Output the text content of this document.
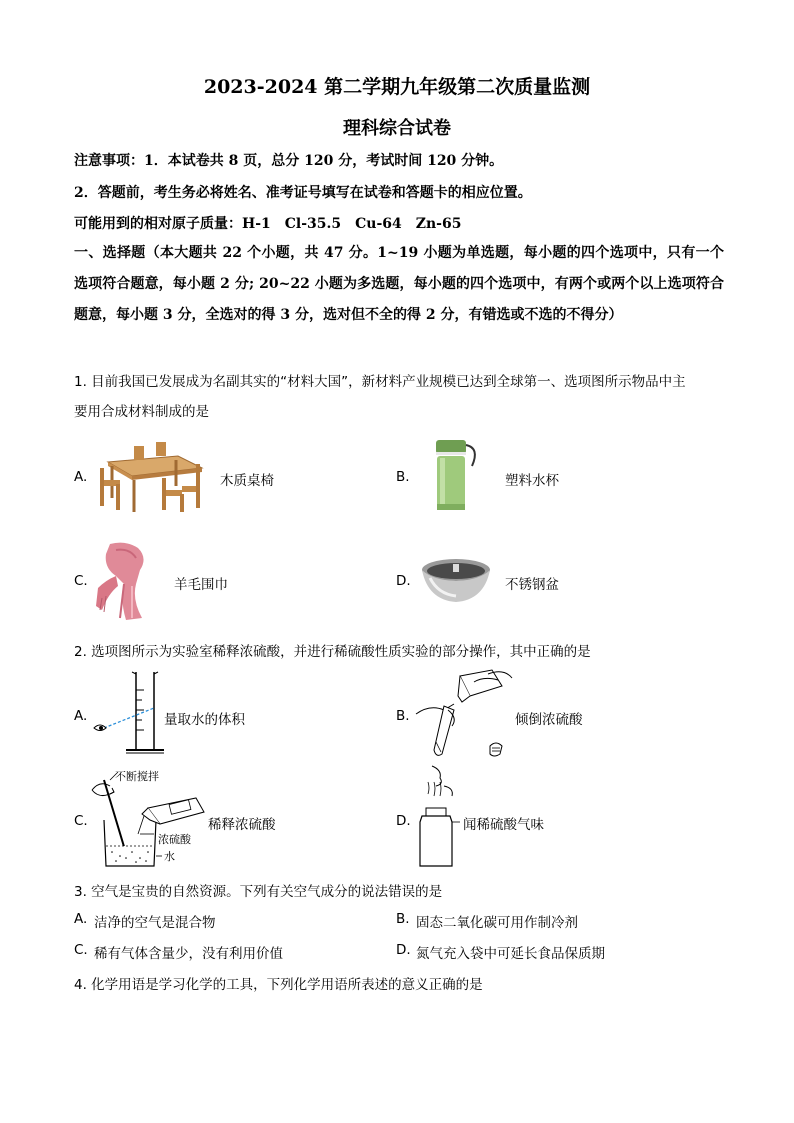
2023-2024 第二学期九年级第二次质量监测
理科综合试卷
注意事项：1．本试卷共 8 页，总分 120 分，考试时间 120 分钟。
2．答题前，考生务必将姓名、准考证号填写在试卷和答题卡的相应位置。
可能用到的相对原子质量：H-1　Cl-35.5　Cu-64　Zn-65
一、选择题（本大题共 22 个小题，共 47 分。1~19 小题为单选题，每小题的四个选项中，只有一个选项符合题意，每小题 2 分; 20~22 小题为多选题，每小题的四个选项中，有两个或两个以上选项符合题意，每小题 3 分，全选对的得 3 分，选对但不全的得 2 分，有错选或不选的不得分）
1. 目前我国已发展成为名副其实的“材料大国”，新材料产业规模已达到全球第一、选项图所示物品中主
要用合成材料制成的是
A.	木质桌椅	B.	塑料水杯
C.	羊毛围巾	D.	不锈钢盆
2. 选项图所示为实验室稀释浓硫酸，并进行稀硫酸性质实验的部分操作，其中正确的是
A.	量取水的体积	B.	倾倒浓硫酸
C.
不断搅拌
浓硫酸
水
稀释浓硫酸	D.	闻稀硫酸气味
3. 空气是宝贵的自然资源。下列有关空气成分的说法错误的是
A. 洁净的空气是混合物	B. 固态二氧化碳可用作制冷剂
C. 稀有气体含量少，没有利用价值	D. 氮气充入袋中可延长食品保质期
4. 化学用语是学习化学的工具，下列化学用语所表述的意义正确的是
